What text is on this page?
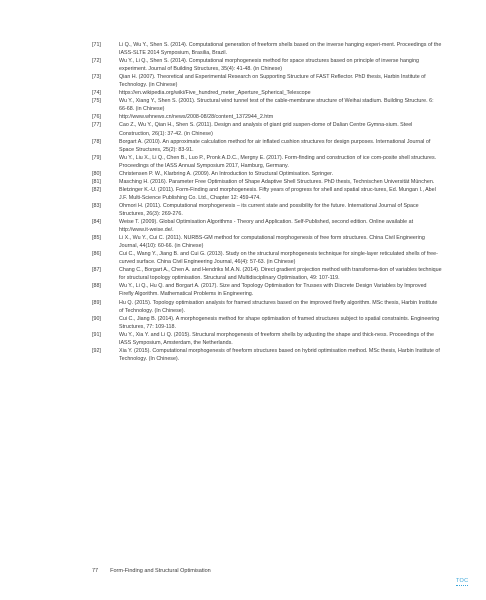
[71]	Li Q., Wu Y., Shen S. (2014). Computational generation of freeform shells based on the inverse hanging experi-ment. Proceedings of the IASS-SLTE 2014 Symposium, Brasilia, Brazil.
[72]	Wu Y., Li Q., Shen S. (2014). Computational morphogenesis method for space structures based on principle of inverse hanging experiment. Journal of Building Structures, 35(4): 41-48. (in Chinese)
[73]	Qian H. (2007). Theoretical and Experimental Research on Supporting Structure of FAST Reflector. PhD thesis, Harbin Institute of Technology. (in Chinese)
[74]	https://en.wikipedia.org/wiki/Five_hundred_meter_Aperture_Spherical_Telescope
[75]	Wu Y., Xiang Y., Shen S. (2001). Structural wind tunnel test of the cable-membrane structure of Weihai stadium. Building Structure. 6: 66-68. (in Chinese)
[76]	http://www.whnews.cn/news/2008-08/28/content_1372944_2.htm
[77]	Cao Z., Wu Y., Qian H., Shen S. (2011). Design and analysis of giant grid suspen-dome of Dalian Centre Gymna-sium. Steel Construction, 26(1): 37-42. (in Chinese)
[78]	Borgart A. (2010). An approximate calculation method for air inflated cushion structures for design purposes. International Journal of Space Structures, 25(2): 83-91.
[79]	Wu Y., Liu X., Li Q., Chen B., Luo P., Pronk A.D.C., Mergny E. (2017). Form-finding and construction of ice com-posite shell structures. Proceedings of the IASS Annual Symposium 2017, Hamburg, Germany.
[80]	Christensen P. W., Klarbring A. (2009). An Introduction to Structural Optimisation. Springer.
[81]	Masching H. (2016). Parameter Free Optimisation of Shape Adaptive Shell Structures. PhD thesis, Technischen Universität München.
[82]	Bletzinger K.-U. (2011). Form-Finding and morphogenesis. Fifty years of progress for shell and spatial struc-tures, Ed. Mungan I., Abel J.F. Multi-Science Publishing Co. Ltd., Chapter 12: 459-474.
[83]	Ohmori H. (2011). Computational morphogenesis – its current state and possibility for the future. International Journal of Space Structures, 26(3): 269-276.
[84]	Weise T. (2009). Global Optimisation Algorithms - Theory and Application. Self-Published, second edition. Online available at http://www.it-weise.de/.
[85]	Li X., Wu Y., Cui C. (2011). NURBS-GM method for computational morphogenesis of free form structures. China Civil Engineering Journal, 44(10): 60-66. (in Chinese)
[86]	Cui C., Wang Y., Jiang B. and Cui G. (2013). Study on the structural morphogenesis technique for single-layer reticulated shells of free-curved surface. China Civil Engineering Journal, 46(4): 57-63. (in Chinese)
[87]	Chang C., Borgart A., Chen A. and Hendriks M.A.N. (2014). Direct gradient projection method with transforma-tion of variables technique for structural topology optimisation. Structural and Multidisciplinary Optimisation, 49: 107-119.
[88]	Wu Y., Li Q., Hu Q. and Borgart A. (2017). Size and Topology Optimisation for Trusses with Discrete Design Variables by Improved Firefly Algorithm. Mathematical Problems in Engineering.
[89]	Hu Q. (2015). Topology optimisation analysis for framed structures based on the improved firefly algorithm. MSc thesis, Harbin Institute of Technology. (In Chinese).
[90]	Cui C., Jiang B. (2014). A morphogenesis method for shape optimisation of framed structures subject to spatial constraints. Engineering Structures, 77: 109-118.
[91]	Wu Y., Xia Y. and Li Q. (2015). Structural morphogenesis of freeform shells by adjusting the shape and thick-ness. Proceedings of the IASS Symposium, Amsterdam, the Netherlands.
[92]	Xia Y. (2015). Computational morphogenesis of freeform structures based on hybrid optimisation method. MSc thesis, Harbin Institute of Technology. (In Chinese).
77 Form-Finding and Structural Optimisation
TOC
